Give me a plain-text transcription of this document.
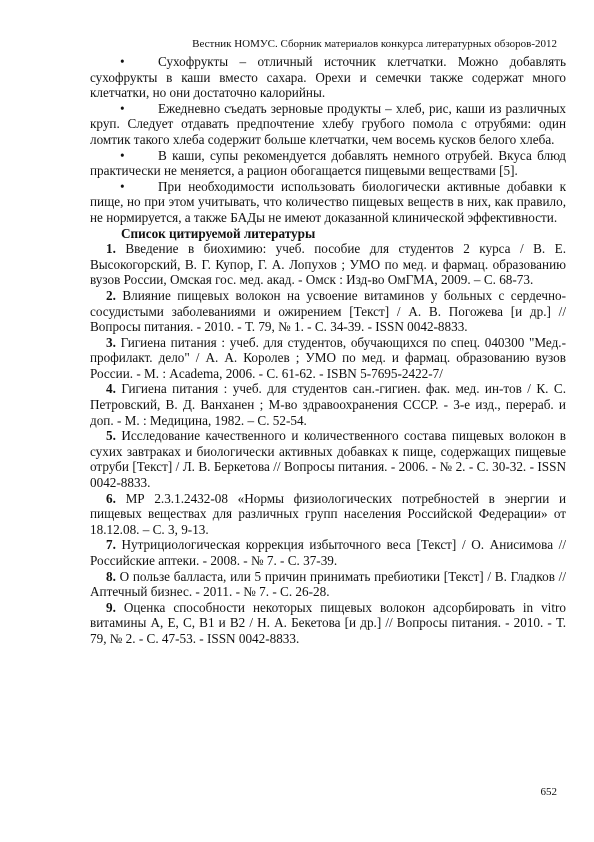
Вестник НОМУС. Сборник материалов конкурса литературных обзоров-2012

•	Сухофрукты – отличный источник клетчатки. Можно добавлять сухофрукты в каши вместо сахара. Орехи и семечки также содержат много клетчатки, но они достаточно калорийны.

•	Ежедневно съедать зерновые продукты – хлеб, рис, каши из различных круп. Следует отдавать предпочтение хлебу грубого помола с отрубями: один ломтик такого хлеба содержит больше клетчатки, чем восемь кусков белого хлеба.

•	В каши, супы рекомендуется добавлять немного отрубей. Вкуса блюд практически не меняется, а рацион обогащается пищевыми веществами [5].

•	При необходимости использовать биологически активные добавки к пище, но при этом учитывать, что количество пищевых веществ в них, как правило, не нормируется, а также БАДы не имеют доказанной клинической эффективности.

Список цитируемой литературы

1. Введение в биохимию: учеб. пособие для студентов 2 курса / В. Е. Высокогорский, В. Г. Купор, Г. А. Лопухов ; УМО по мед. и фармац. образованию вузов России, Омская гос. мед. акад. - Омск : Изд-во ОмГМА, 2009. – С. 68-73.

2. Влияние пищевых волокон на усвоение витаминов у больных с сердечно-сосудистыми заболеваниями и ожирением [Текст] / А. В. Погожева [и др.] // Вопросы питания. - 2010. - Т. 79, № 1. - С. 34-39. - ISSN 0042-8833.

3. Гигиена питания : учеб. для студентов, обучающихся по спец. 040300 "Мед.-профилакт. дело" / А. А. Королев ; УМО по мед. и фармац. образованию вузов России. - М. : Academa, 2006. - С. 61-62. - ISBN 5-7695-2422-7/

4. Гигиена питания : учеб. для студентов сан.-гигиен. фак. мед. ин-тов / К. С. Петровский, В. Д. Ванханен ; М-во здравоохранения СССР. - 3-е изд., перераб. и доп. - М. : Медицина, 1982. – С. 52-54.

5. Исследование качественного и количественного состава пищевых волокон в сухих завтраках и биологически активных добавках к пище, содержащих пищевые отруби [Текст] / Л. В. Беркетова // Вопросы питания. - 2006. - № 2. - С. 30-32. - ISSN 0042-8833.

6. МР 2.3.1.2432-08 «Нормы физиологических потребностей в энергии и пищевых веществах для различных групп населения Российской Федерации» от 18.12.08. – С. 3, 9-13.

7. Нутрициологическая коррекция избыточного веса [Текст] / О. Анисимова // Российские аптеки. - 2008. - № 7. - С. 37-39.

8. О пользе балласта, или 5 причин принимать пребиотики [Текст] / В. Гладков // Аптечный бизнес. - 2011. - № 7. - С. 26-28.

9. Оценка способности некоторых пищевых волокон адсорбировать in vitro витамины А, Е, С, В1 и В2 / Н. А. Бекетова [и др.] // Вопросы питания. - 2010. - Т. 79, № 2. - С. 47-53. - ISSN 0042-8833.

652
